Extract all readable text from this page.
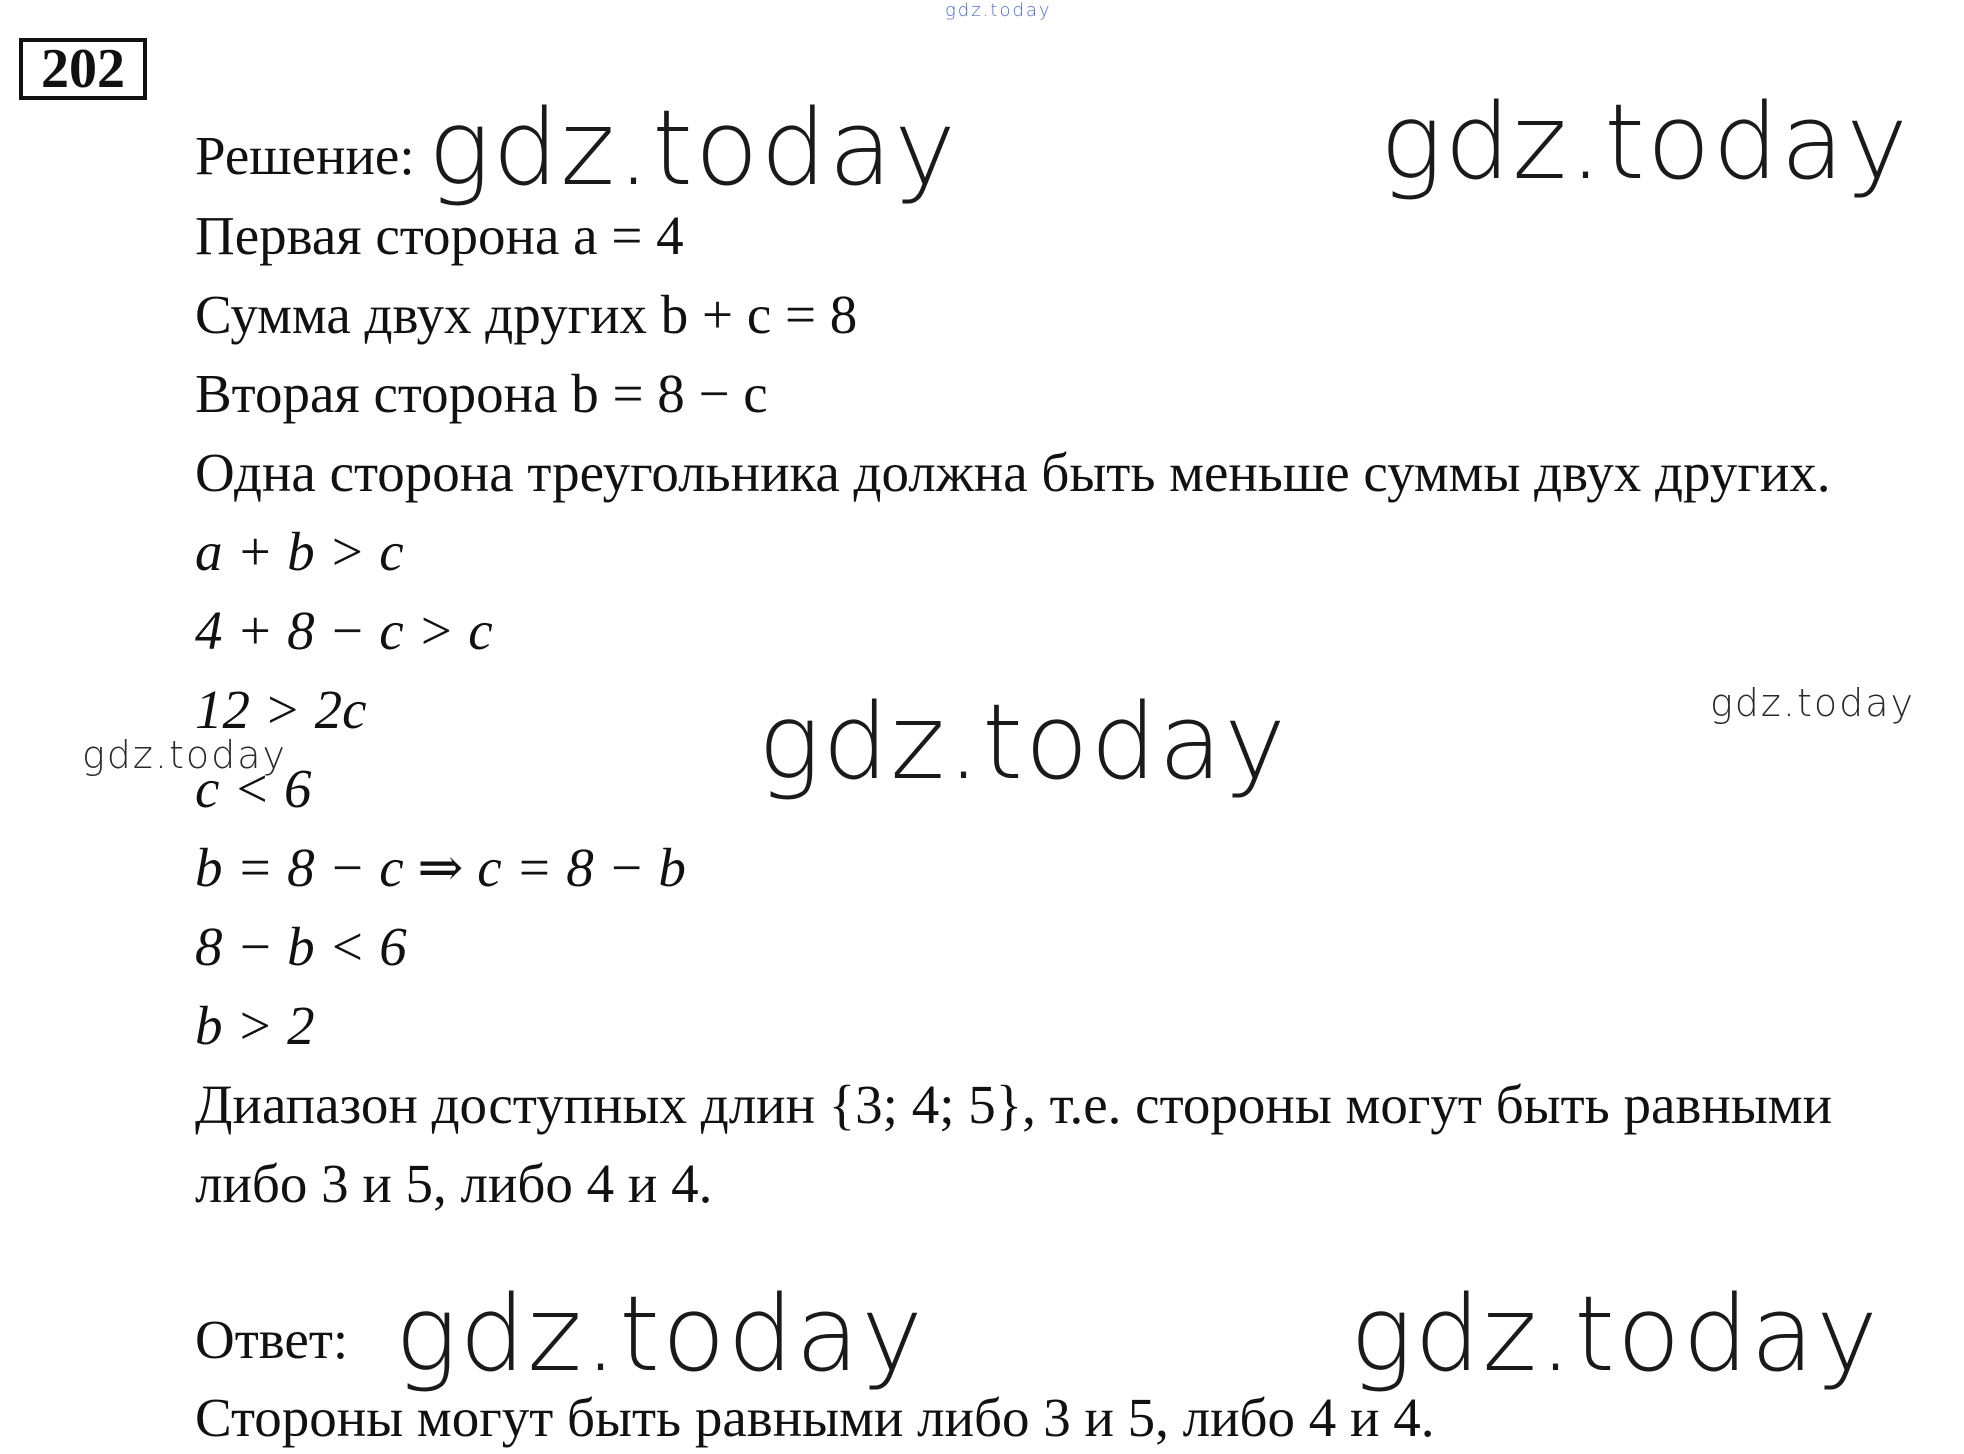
202
Решение:
Первая сторона a = 4
Сумма двух других b + c = 8
Вторая сторона b = 8 − c
Одна сторона треугольника должна быть меньше суммы двух других.
a + b > c
4 + 8 − c > c
12 > 2c
c < 6
b = 8 − c ⇒ c = 8 − b
8 − b < 6
b > 2
Диапазон доступных длин {3; 4; 5}, т.е. стороны могут быть равными
либо 3 и 5, либо 4 и 4.
Ответ:
Стороны могут быть равными либо 3 и 5, либо 4 и 4.
gdz.today
gdz.today	gdz.today
gdz.today	gdz.today
gdz.today
gdz.today	gdz.today
